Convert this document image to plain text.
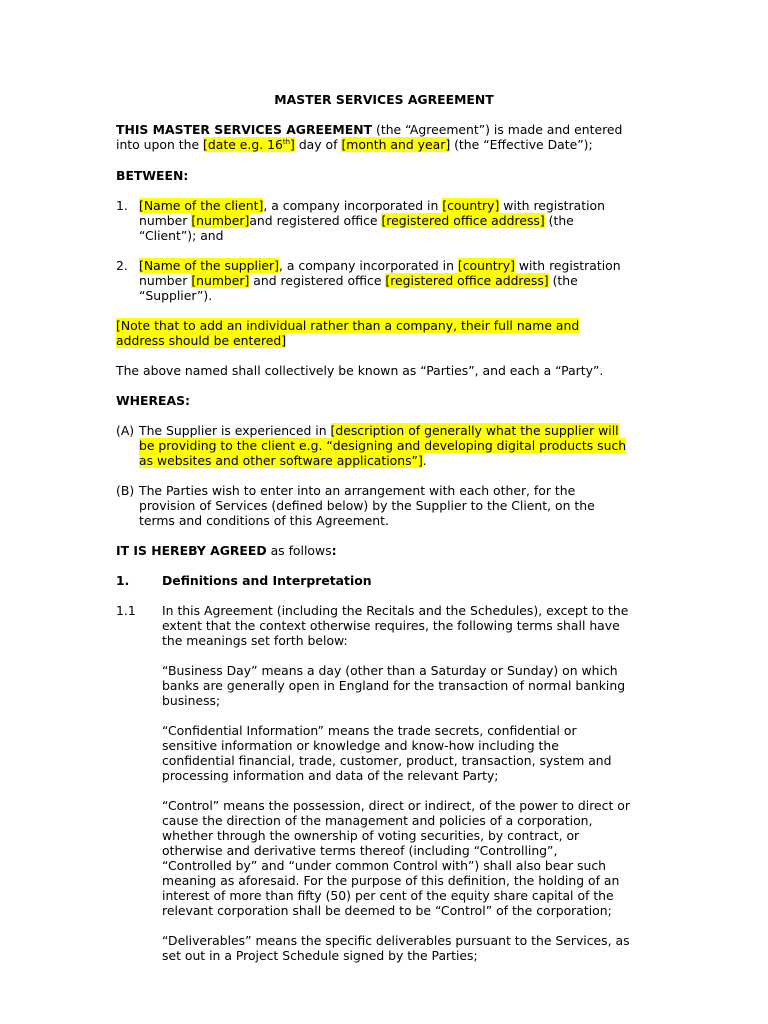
MASTER SERVICES AGREEMENT
THIS MASTER SERVICES AGREEMENT (the “Agreement”) is made and entered
into upon the [date e.g. 16th] day of [month and year] (the “Effective Date”);
BETWEEN:
1. [Name of the client], a company incorporated in [country] with registration
number [number]and registered office [registered office address] (the
“Client”); and
2. [Name of the supplier], a company incorporated in [country] with registration
number [number] and registered office [registered office address] (the
“Supplier”).
[Note that to add an individual rather than a company, their full name and
address should be entered]
The above named shall collectively be known as “Parties”, and each a “Party”.
WHEREAS:
(A) The Supplier is experienced in [description of generally what the supplier will
be providing to the client e.g. “designing and developing digital products such
as websites and other software applications”].
(B) The Parties wish to enter into an arrangement with each other, for the
provision of Services (defined below) by the Supplier to the Client, on the
terms and conditions of this Agreement.
IT IS HEREBY AGREED as follows:
1.	Definitions and Interpretation
1.1 In this Agreement (including the Recitals and the Schedules), except to the
extent that the context otherwise requires, the following terms shall have
the meanings set forth below:
“Business Day” means a day (other than a Saturday or Sunday) on which
banks are generally open in England for the transaction of normal banking
business;
“Confidential Information” means the trade secrets, confidential or
sensitive information or knowledge and know-how including the
confidential financial, trade, customer, product, transaction, system and
processing information and data of the relevant Party;
“Control” means the possession, direct or indirect, of the power to direct or
cause the direction of the management and policies of a corporation,
whether through the ownership of voting securities, by contract, or
otherwise and derivative terms thereof (including “Controlling”,
“Controlled by” and “under common Control with”) shall also bear such
meaning as aforesaid. For the purpose of this definition, the holding of an
interest of more than fifty (50) per cent of the equity share capital of the
relevant corporation shall be deemed to be “Control” of the corporation;
“Deliverables” means the specific deliverables pursuant to the Services, as
set out in a Project Schedule signed by the Parties;
